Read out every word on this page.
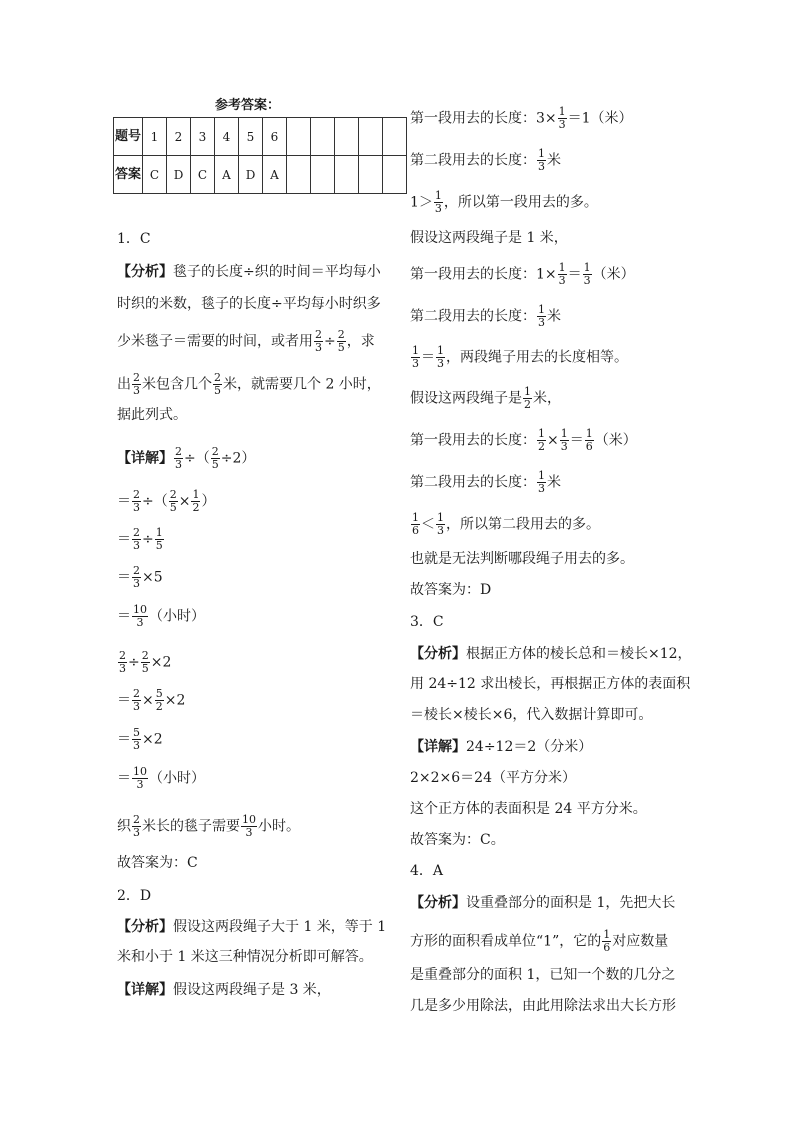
参考答案：
题号	1	2	3	4	5	6					
答案	C	D	C	A	D	A					
1．C
【分析】毯子的长度÷织的时间＝平均每小
时织的米数，毯子的长度÷平均每小时织多
少米毯子＝需要的时间，或者用 $\frac{2}{3} \div \frac{2}{5}$ ，求
出 $\frac{2}{3}$ 米包含几个 $\frac{2}{5}$ 米，就需要几个 2 小时，
据此列式。
【详解】 $\frac{2}{3}$ ÷（ $\frac{2}{5} \div 2$）
＝ $\frac{2}{3}$ ÷（ $\frac{2}{5} \times \frac{1}{2}$ ）
＝ $\frac{2}{3} \div \frac{1}{5}$
＝ $\frac{2}{3} \times 5$
＝ $\frac{10}{3}$ （小时）
$\frac{2}{3} \div \frac{2}{5} \times 2$
＝ $\frac{2}{3} \times \frac{5}{2} \times 2$
＝ $\frac{5}{3} \times 2$
＝ $\frac{10}{3}$ （小时）
织 $\frac{2}{3}$ 米长的毯子需要 $\frac{10}{3}$ 小时。
故答案为：C
2．D
【分析】假设这两段绳子大于 1 米，等于 1
米和小于 1 米这三种情况分析即可解答。
【详解】假设这两段绳子是 3 米，
第一段用去的长度：$3\times \frac{1}{3} =1$（米）
第二段用去的长度： $\frac{1}{3}$ 米
$1> \frac{1}{3}$ ，所以第一段用去的多。
假设这两段绳子是 1 米，
第一段用去的长度：$1\times \frac{1}{3} = \frac{1}{3}$ （米）
第二段用去的长度： $\frac{1}{3}$ 米
$\frac{1}{3} = \frac{1}{3}$ ，两段绳子用去的长度相等。
假设这两段绳子是 $\frac{1}{2}$ 米，
第一段用去的长度： $\frac{1}{2} \times \frac{1}{3} = \frac{1}{6}$ （米）
第二段用去的长度： $\frac{1}{3}$ 米
$\frac{1}{6} < \frac{1}{3}$ ，所以第二段用去的多。
也就是无法判断哪段绳子用去的多。
故答案为：D
3．C
【分析】根据正方体的棱长总和＝棱长×12，
用 24÷12 求出棱长，再根据正方体的表面积
＝棱长×棱长×6，代入数据计算即可。
【详解】24÷12＝2（分米）
2×2×6＝24（平方分米）
这个正方体的表面积是 24 平方分米。
故答案为：C。
4．A
【分析】设重叠部分的面积是 1，先把大长
方形的面积看成单位“1”，它的 $\frac{1}{6}$ 对应数量
是重叠部分的面积 1，已知一个数的几分之
几是多少用除法，由此用除法求出大长方形
